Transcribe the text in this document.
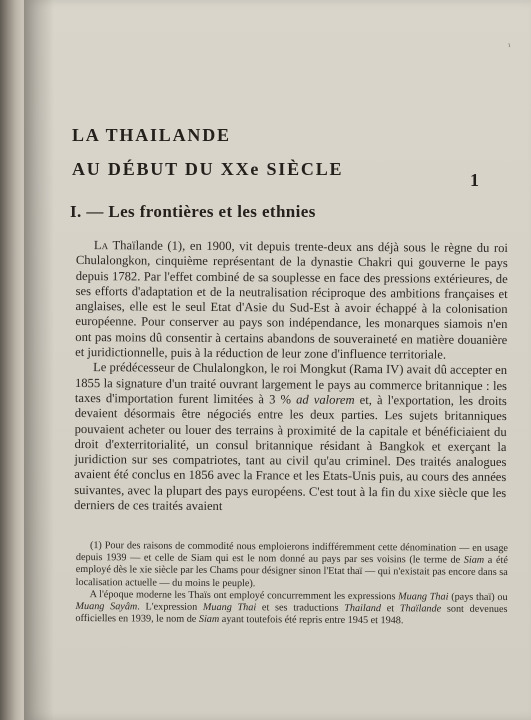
ı
LA THAILANDE
AU DÉBUT DU XXe SIÈCLE
1
I. — Les frontières et les ethnies

La Thaïlande (1), en 1900, vit depuis trente-deux ans déjà sous le règne du roi Chulalongkon, cinquième représentant de la dynastie Chakri qui gouverne le pays depuis 1782. Par l'effet combiné de sa souplesse en face des pressions extérieures, de ses efforts d'adaptation et de la neutralisation réciproque des ambitions françaises et anglaises, elle est le seul Etat d'Asie du Sud-Est à avoir échappé à la colonisation européenne. Pour conserver au pays son indépendance, les monarques siamois n'en ont pas moins dû consentir à certains abandons de souveraineté en matière douanière et juridictionnelle, puis à la réduction de leur zone d'influence territoriale.

Le prédécesseur de Chulalongkon, le roi Mongkut (Rama IV) avait dû accepter en 1855 la signature d'un traité ouvrant largement le pays au commerce britannique : les taxes d'importation furent limitées à 3 % ad valorem et, à l'exportation, les droits devaient désormais être négociés entre les deux parties. Les sujets britanniques pouvaient acheter ou louer des terrains à proximité de la capitale et bénéficiaient du droit d'exterritorialité, un consul britannique résidant à Bangkok et exerçant la juridiction sur ses compatriotes, tant au civil qu'au criminel. Des traités analogues avaient été conclus en 1856 avec la France et les Etats-Unis puis, au cours des années suivantes, avec la plupart des pays européens. C'est tout à la fin du xixe siècle que les derniers de ces traités avaient

(1) Pour des raisons de commodité nous emploierons indifféremment cette dénomination — en usage depuis 1939 — et celle de Siam qui est le nom donné au pays par ses voisins (le terme de Siam a été employé dès le xie siècle par les Chams pour désigner sinon l'Etat thaï — qui n'existait pas encore dans sa localisation actuelle — du moins le peuple).

A l'époque moderne les Thaïs ont employé concurremment les expressions Muang Thai (pays thaï) ou Muang Sayâm. L'expression Muang Thai et ses traductions Thailand et Thaïlande sont devenues officielles en 1939, le nom de Siam ayant toutefois été repris entre 1945 et 1948.
